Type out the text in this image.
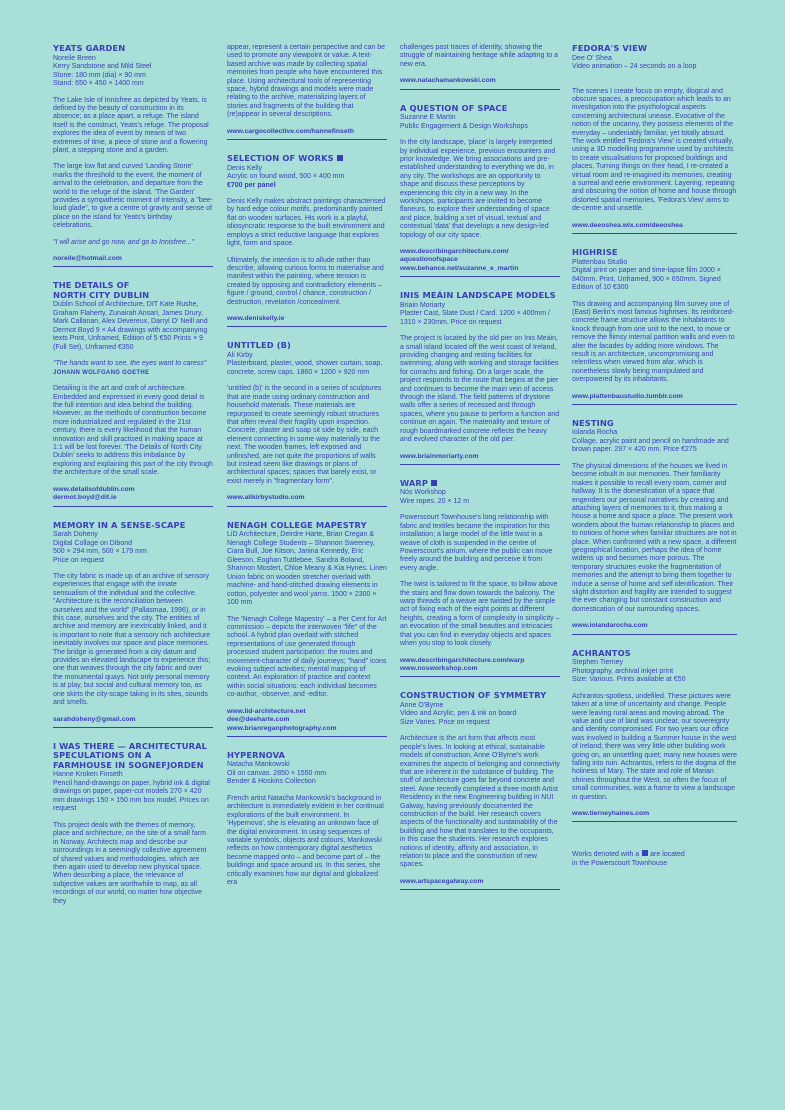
YEATS GARDEN
Noreile Breen
Kerry Sandstone and Mild Steel
Stone: 180 mm (dia) × 90 mm
Stand: 650 × 450 × 1400 mm

The Lake Isle of Innisfree as depicted by Yeats, is defined by the beauty of construction in its absence; as a place apart, a refuge. The island itself is the construct, Yeats's refuge. The proposal explores the idea of event by means of two extremes of time, a piece of stone and a flowering plant, a stepping stone and a garden.

The large low flat and curved 'Landing Stone' marks the threshold to the event, the moment of arrival to the celebration, and departure from the world to the refuge of the island. 'The Garden' provides a sympathetic moment of intensity, a "bee-loud glade", to give a centre of gravity and sense of place on the island for Yeats's birthday celebrations.

"I will arise and go now, and go to Innisfree..."

noreile@hotmail.com
THE DETAILS OF
NORTH CITY DUBLIN
Dublin School of Architecture, DIT Kate Rushe, Graham Flaherty, Zunairah Ansari, James Drury, Mark Callanan, Alex Devereux, Darryl O' Neill and Dermot Boyd 9 × A4 drawings with accompanying texts Print, Unframed, Edition of 5 €50 Prints × 9 (Full Set), Unframed €350

"The hands want to see, the eyes want to caress" JOHANN WOLFGANG GOETHE

Detailing is the art and craft of architecture. Embedded and expressed in every good detail is the full intention and idea behind the building. However, as the methods of construction become more industrialized and regulated in the 21st century, there is every likelihood that the human innovation and skill practised in making space at 1:1 will be lost forever. 'The Details of North City Dublin' seeks to address this imbalance by exploring and explaining this part of the city through the architecture of the small scale.

www.detailsofdublin.com
dermot.boyd@dit.ie
MEMORY IN A SENSE-SCAPE
Sarah Doheny
Digital Collage on Dibond
500 × 294 mm, 500 × 179 mm
Price on request

The city fabric is made up of an archive of sensory experiences that engage with the innate sensualism of the individual and the collective. "Architecture is the reconciliation between ourselves and the world" (Pallasmaa, 1996), or in this case, ourselves and the city. The entities of archive and memory are inextricably linked, and it is important to note that a sensory rich architecture inevitably involves our space and place memories. The bridge is generated from a city datum and provides an elevated landscape to experience this; one that weaves through the city fabric and over the monumental quays. Not only personal memory is at play, but social and cultural memory too, as one skirts the city-scape taking in its sites, sounds and smells.

sarahdoheny@gmail.com
I WAS THERE — ARCHITECTURAL SPECULATIONS ON A FARMHOUSE IN SOGNEFJORDEN
Hanne Kroken Finseth
Pencil hand-drawings on paper, hybrid ink & digital drawings on paper, paper-cut models 270 × 420 mm drawings 150 × 150 mm box model. Prices on request

This project deals with the themes of memory, place and architecture, on the site of a small farm in Norway. Architects map and describe our surroundings in a seemingly collective agreement of shared values and methodologies, which are then again used to develop new physical space. When describing a place, the relevance of subjective values are worthwhile to map, as all recordings of our world, no matter how objective they

appear, represent a certain perspective and can be used to promote any viewpoint or value. A text-based archive was made by collecting spatial memories from people who have encountered this place. Using architectural tools of representing space, hybrid drawings and models were made relating to the archive, materializing layers of stories and fragments of the building that (re)appear in several descriptions.

www.cargocollective.com/hannefinseth
SELECTION OF WORKS
Denis Kelly
Acrylic on found wood, 500 × 400 mm
€700 per panel

Denis Kelly makes abstract paintings characterised by hard edge colour motifs, predominantly painted flat on wooden surfaces. His work is a playful, idiosyncratic response to the built environment and employs a strict reductive language that explores light, form and space.

Ultimately, the intention is to allude rather than describe, allowing curious forms to materialise and manifest within the painting, where tension is created by opposing and contradictory elements – figure / ground, control / chance, construction / destruction, revelation /concealment.

www.deniskelly.ie
UNTITLED (B)
Ali Kirby
Plasterboard, plaster, wood, shower curtain, soap, concrete, screw caps. 1860 × 1200 × 920 mm

'untitled (b)' is the second in a series of sculptures that are made using ordinary construction and household materials. These materials are repurposed to create seemingly robust structures that often reveal their fragility upon inspection. Concrete, plaster and soap sit side by side, each element connecting in some way materially to the next. The wooden frames, left exposed and unfinished, are not quite the proportions of walls but instead seem like drawings or plans of architectural spaces; spaces that barely exist, or exist merely in "fragmentary form".

www.alikirbystudio.com
NENAGH COLLEGE MAPESTRY
LiD Architecture, Deirdre Harte, Brian Cregan & Nenagh College Students – Shannon Sweeney, Ciara Bull, Joe Kitson, Janina Kennedy, Eric Gleeson, Eoghan Tuttlebee, Sandra Boland, Shannon Mostert, Chloe Meany & Kia Hynes. Linen Union fabric on wooden stretcher overlaid with machine- and hand-stitched drawing elements in cotton, polyester and wool yarns. 1500 × 2300 × 100 mm

The 'Nenagh College Mapestry' – a Per Cent for Art commission – depicts the interwoven "life" of the school. A hybrid plan overlaid with stitched representations of use generated through processed student participation: the routes and movement-character of daily journeys; "hand" icons evoking subject activities; mental mapping of context. An exploration of practice and context within social situations: each individual becomes co-author, -observer, and -editor.

www.lid-architecture.net
dee@deeharte.com
www.brianreganphotography.com
HYPERNOVA
Natacha Mankowski
Oil on canvas. 2850 × 1550 mm
Bender & Hoskins Collection

French artist Natacha Mankowski's background in architecture is immediately evident in her continual explorations of the built environment. In 'Hypernova', she is elevating an unknown face of the digital environment. In using sequences of variable symbols, objects and colours, Mankowski reflects on how contemporary digital aesthetics become mapped onto – and become part of – the buildings and space around us. In this series, she critically examines how our digital and globalized era

challenges past traces of identity, showing the struggle of maintaining heritage while adapting to a new era.

www.natachamankowski.com
A QUESTION OF SPACE
Suzanne E Martin
Public Engagement & Design Workshops

In the city landscape, 'place' is largely interpreted by individual experience, previous encounters and prior knowledge. We bring associations and pre-established understanding to everything we do, in any city. The workshops are an opportunity to shape and discuss these perceptions by experiencing this city in a new way. In the workshops, participants are invited to become flaneurs, to explore their understanding of space and place, building a set of visual, textual and contextual 'data' that develops a new design-led topology of our city space.

www.describingarchitecture.com/
aquestionofspace
www.behance.net/suzanne_e_martin
INIS MEÁIN LANDSCAPE MODELS
Briain Moriarty
Plaster Cast, Slate Dust / Card. 1200 × 400mm / 1310 × 230mm. Price on request

The project is located by the old pier on Inis Meáin, a small island located off the west coast of Ireland, providing changing and resting facilities for swimming, along with working and storage facilities for currachs and fishing. On a larger scale, the project responds to the route that begins at the pier and continues to become the main vein of access through the island. The field patterns of drystone walls offer a series of recessed and through spaces, where you pause to perform a function and continue on again. The materiality and texture of rough boardmarked concrete reflects the heavy and evolved character of the old pier.

www.briainmoriarty.com
WARP
Nós Workshop
Wire ropes. 20 × 12 m

Powerscourt Townhouse's long relationship with fabric and textiles became the inspiration for this installation; a large model of the little twist in a weave of cloth is suspended in the centre of Powerscourt's atrium, where the public can move freely around the building and perceive it from every angle.

The twist is tailored to fit the space, to billow above the stairs and flow down towards the balcony. The warp threads of a weave are twisted by the simple act of fixing each of the eight points at different heights, creating a form of complexity in simplicity – an evocation of the small beauties and intricacies that you can find in everyday objects and spaces when you stop to look closely.

www.describingarchitecture.com/warp
www.nosworkshop.com
CONSTRUCTION OF SYMMETRY
Anne O'Byrne
Video and Acrylic, pen & ink on board
Size Varies. Price on request

Architecture is the art form that affects most people's lives. In looking at ethical, sustainable models of construction, Anne O'Byrne's work examines the aspects of belonging and connectivity that are inherent in the substance of building. The stuff of architecture goes far beyond concrete and steel. Anne recently completed a three month Artist Residency in the new Engineering building in NUI Galway, having previously documented the construction of the build. Her research covers aspects of the functionality and sustainability of the building and how that translates to the occupants, in this case the students. Her research explores notions of identity, affinity and association, in relation to place and the construction of new spaces.

www.artspacegalway.com
FEDORA'S VIEW
Dee O' Shea
Video animation – 24 seconds on a loop

The scenes I create focus on empty, illogical and obscure spaces, a preoccupation which leads to an investigation into the psychological aspects concerning architectural unease. Evocative of the notion of the uncanny, they possess elements of the everyday – undeniably familiar, yet totally absurd. The work entitled 'Fedora's View' is created virtually, using a 3D modelling programme used by architects to create visualisations for proposed buildings and places. Turning things on their head, I re-created a virtual room and re-imagined its memories, creating a surreal and eerie environment. Layering, repeating and obscuring the notion of home and house through distorted spatial memories, 'Fedora's View' aims to de-centre and unsettle.

www.deeoshea.wix.com/deeoshea
HIGHRISE
Plattenbau Studio
Digital print on paper and time-lapse film 2000 × 840mm. Print, Unframed, 900 × 650mm. Signed Edition of 10 €300

This drawing and accompanying film survey one of (East) Berlin's most famous highrises. Its reinforced-concrete frame structure allows the inhabitants to knock through from one unit to the next, to move or remove the flimsy internal partition walls and even to alter the facades by adding more windows. The result is an architecture, uncompromising and relentless when viewed from afar, which is nonetheless slowly being manipulated and overpowered by its inhabitants.

www.plattenbaustudio.tumblr.com
NESTING
Iolanda Rocha
Collage, acrylic paint and pencil on handmade and brown paper. 297 × 420 mm. Price €275

The physical dimensions of the houses we lived in become inbuilt in our memories. Their familiarity makes it possible to recall every room, corner and hallway. It is the domestication of a space that engenders our personal narratives by creating and attaching layers of memories to it, thus making a house a home and space a place. The present work wonders about the human relationship to places and to notions of home when familiar structures are not in place. When confronted with a new space, a different geographical location, perhaps the idea of home widens up and becomes more porous. The temporary structures evoke the fragmentation of memories and the attempt to bring them together to induce a sense of home and self identification. Their slight distortion and fragility are intended to suggest the ever changing but constant construction and domestication of our surrounding spaces.

www.iolandarocha.com
ACHRANTOS
Stephen Tierney
Photography, archival inkjet print
Size: Various. Prints available at €50

Achrantos-spotless, undefiled. These pictures were taken at a time of uncertainty and change. People were leaving rural areas and moving abroad. The value and use of land was unclear, our sovereignty and identity compromised. For two years our office was involved in building a Summer house in the west of Ireland; there was very little other building work going on, an unsettling quiet; many new houses were falling into ruin. Achrantos, refers to the dogma of the holiness of Mary. The state and role of Marian shrines throughout the West, so often the focus of small communities, was a frame to view a landscape in question.

www.tierneyhaines.com
Works denoted with a are located
in the Powerscourt Townhouse
